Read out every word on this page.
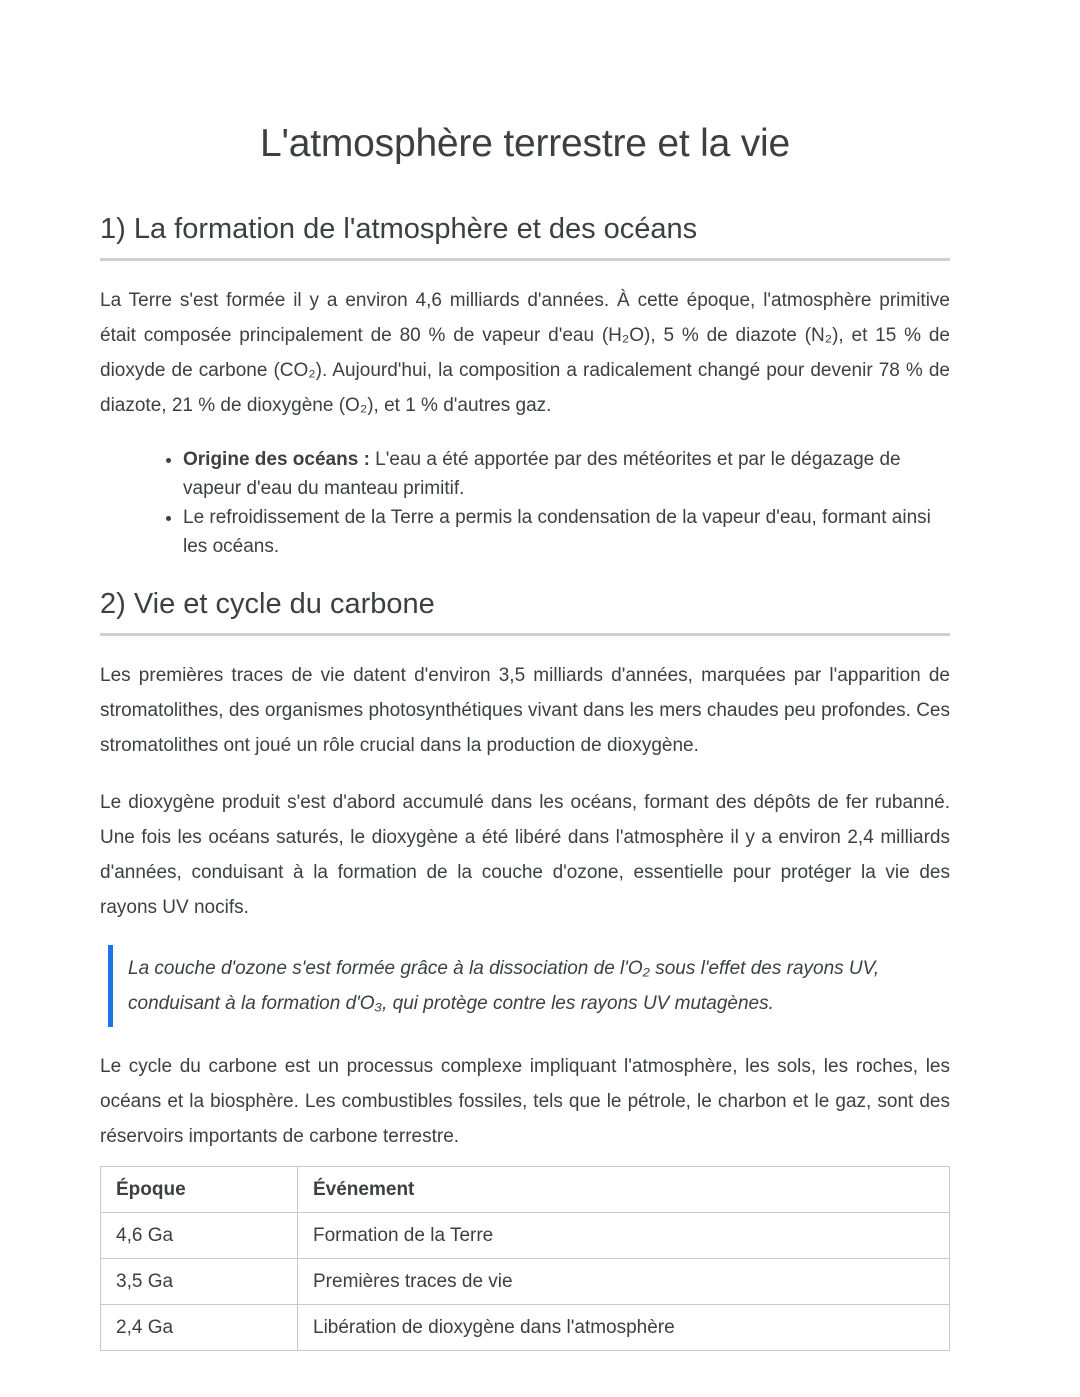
L'atmosphère terrestre et la vie
1) La formation de l'atmosphère et des océans

La Terre s'est formée il y a environ 4,6 milliards d'années. À cette époque, l'atmosphère primitive était composée principalement de 80 % de vapeur d'eau (H₂O), 5 % de diazote (N₂), et 15 % de dioxyde de carbone (CO₂). Aujourd'hui, la composition a radicalement changé pour devenir 78 % de diazote, 21 % de dioxygène (O₂), et 1 % d'autres gaz.

• Origine des océans : L'eau a été apportée par des météorites et par le dégazage de vapeur d'eau du manteau primitif.
• Le refroidissement de la Terre a permis la condensation de la vapeur d'eau, formant ainsi les océans.
2) Vie et cycle du carbone

Les premières traces de vie datent d'environ 3,5 milliards d'années, marquées par l'apparition de stromatolithes, des organismes photosynthétiques vivant dans les mers chaudes peu profondes. Ces stromatolithes ont joué un rôle crucial dans la production de dioxygène.

Le dioxygène produit s'est d'abord accumulé dans les océans, formant des dépôts de fer rubanné. Une fois les océans saturés, le dioxygène a été libéré dans l'atmosphère il y a environ 2,4 milliards d'années, conduisant à la formation de la couche d'ozone, essentielle pour protéger la vie des rayons UV nocifs.

La couche d'ozone s'est formée grâce à la dissociation de l'O₂ sous l'effet des rayons UV, conduisant à la formation d'O₃, qui protège contre les rayons UV mutagènes.

Le cycle du carbone est un processus complexe impliquant l'atmosphère, les sols, les roches, les océans et la biosphère. Les combustibles fossiles, tels que le pétrole, le charbon et le gaz, sont des réservoirs importants de carbone terrestre.

Époque	Événement
4,6 Ga	Formation de la Terre
3,5 Ga	Premières traces de vie
2,4 Ga	Libération de dioxygène dans l'atmosphère
